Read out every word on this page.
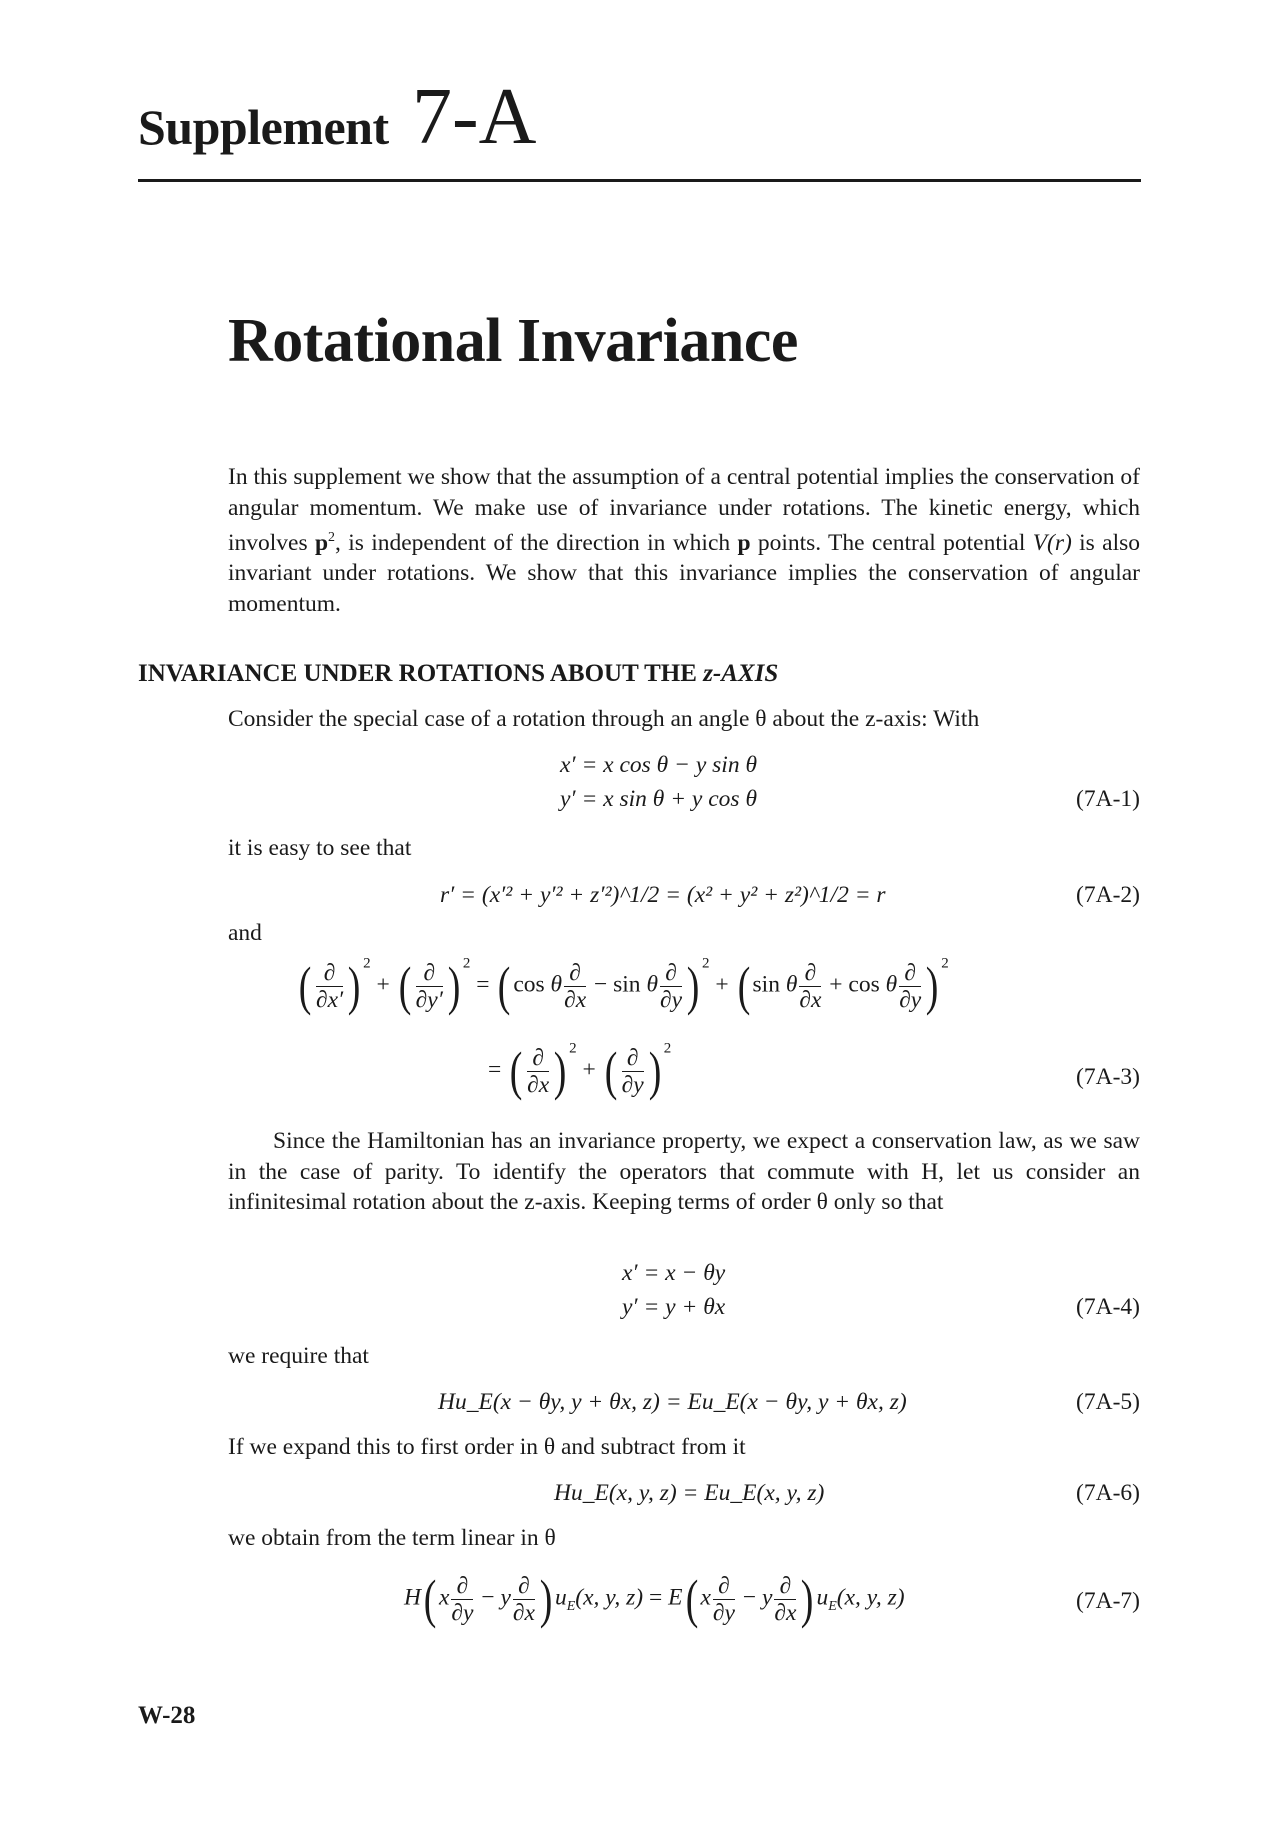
Supplement 7-A
Rotational Invariance
In this supplement we show that the assumption of a central potential implies the conservation of angular momentum. We make use of invariance under rotations. The kinetic energy, which involves $p^2$, is independent of the direction in which p points. The central potential V(r) is also invariant under rotations. We show that this invariance implies the conservation of angular momentum.
INVARIANCE UNDER ROTATIONS ABOUT THE z-AXIS
Consider the special case of a rotation through an angle θ about the z-axis: With
x′ = x cos θ − y sin θ
y′ = x sin θ + y cos θ	(7A-1)
it is easy to see that
r′ = (x′² + y′² + z′²)^1/2 = (x² + y² + z²)^1/2 = r	(7A-2)
and
( $\frac{\partial}{\partial x'}$ ) $^2$ + ( $\frac{\partial}{\partial y'}$ ) $^2$ = ( cos θ $\frac{\partial}{\partial x} - \sin \theta \frac{\partial}{\partial y}$ ) $^2$ + ( sin θ $\frac{\partial}{\partial x} + \cos \theta \frac{\partial}{\partial y}$ ) $^2$
= ( $\frac{\partial}{\partial x}$ ) $^2$ + ( $\frac{\partial}{\partial y}$ ) $^2$
(7A-3)
Since the Hamiltonian has an invariance property, we expect a conservation law, as we saw in the case of parity. To identify the operators that commute with H, let us consider an infinitesimal rotation about the z-axis. Keeping terms of order θ only so that
x′ = x − θy
y′ = y + θx	(7A-4)
we require that
Hu_E(x − θy, y + θx, z) = Eu_E(x − θy, y + θx, z)	(7A-5)
If we expand this to first order in θ and subtract from it
Hu_E(x, y, z) = Eu_E(x, y, z)	(7A-6)
we obtain from the term linear in θ
H( x $\frac{\partial}{\partial y} - y \frac{\partial}{\partial x}$ ) $u_E(x$, y, z) = E( x $\frac{\partial}{\partial y} - y \frac{\partial}{\partial x}$ ) $u_E(x$, y, z)	(7A-7)
W-28
